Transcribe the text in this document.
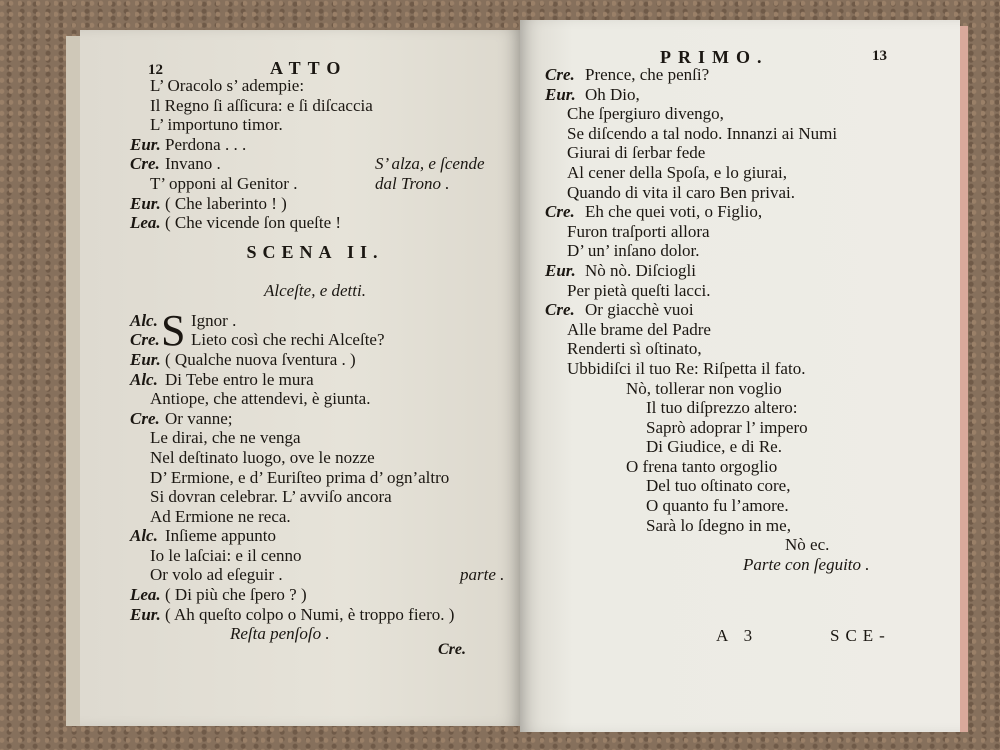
12	ATTO
L’ Oracolo s’ adempie:
Il Regno ſi aſſicura: e ſi diſcaccia
L’ importuno timor.
Eur. Perdona . . .
Cre. Invano .	S’ alza, e ſcende
T’ opponi al Genitor .	dal Trono .
Eur. ( Che laberinto ! )
Lea. ( Che vicende ſon queſte !
SCENA II.
Alceſte, e detti.
Alc. S Ignor .
Cre. Lieto così che rechi Alceſte?
Eur. ( Qualche nuova ſventura . )
Alc. Di Tebe entro le mura
Antiope, che attendevi, è giunta.
Cre. Or vanne;
Le dirai, che ne venga
Nel deſtinato luogo, ove le nozze
D’ Ermione, e d’ Euriſteo prima d’ ogn’altro
Si dovran celebrar. L’ avviſo ancora
Ad Ermione ne reca.
Alc. Inſieme appunto
Io le laſciai: e il cenno
Or volo ad eſeguir .	parte .
Lea. ( Di più che ſpero ? )
Eur. ( Ah queſto colpo o Numi, è troppo fiero. )
Reſta penſoſo .
Cre.
PRIMO.	13
Cre. Prence, che penſi?
Eur. Oh Dio,
Che ſpergiuro divengo,
Se diſcendo a tal nodo. Innanzi ai Numi
Giurai di ſerbar fede
Al cener della Spoſa, e lo giurai,
Quando di vita il caro Ben privai.
Cre. Eh che quei voti, o Figlio,
Furon traſporti allora
D’ un’ inſano dolor.
Eur. Nò nò. Diſciogli
Per pietà queſti lacci.
Cre. Or giacchè vuoi
Alle brame del Padre
Renderti sì oſtinato,
Ubbidiſci il tuo Re: Riſpetta il fato.
Nò, tollerar non voglio
Il tuo diſprezzo altero:
Saprò adoprar l’ impero
Di Giudice, e di Re.
O frena tanto orgoglio
Del tuo oſtinato core,
O quanto fu l’amore.
Sarà lo ſdegno in me,
Nò ec.
Parte con ſeguito .
A 3	SCE-
